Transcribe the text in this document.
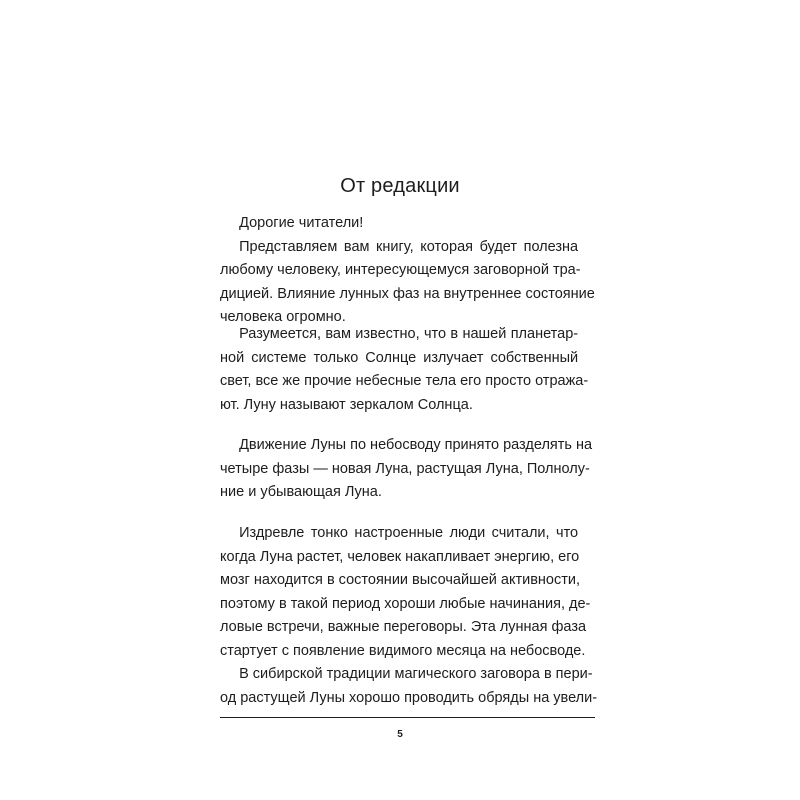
От редакции
Дорогие читатели!
Представляем вам книгу, которая будет полезна
любому человеку, интересующемуся заговорной тра-
дицией. Влияние лунных фаз на внутреннее состояние
человека огромно.
Разумеется, вам известно, что в нашей планетар-
ной системе только Солнце излучает собственный
свет, все же прочие небесные тела его просто отража-
ют. Луну называют зеркалом Солнца.
Движение Луны по небосводу принято разделять на
четыре фазы — новая Луна, растущая Луна, Полнолу-
ние и убывающая Луна.
Издревле тонко настроенные люди считали, что
когда Луна растет, человек накапливает энергию, его
мозг находится в состоянии высочайшей активности,
поэтому в такой период хороши любые начинания, де-
ловые встречи, важные переговоры. Эта лунная фаза
стартует с появление видимого месяца на небосводе.
В сибирской традиции магического заговора в пери-
од растущей Луны хорошо проводить обряды на увели-
5
